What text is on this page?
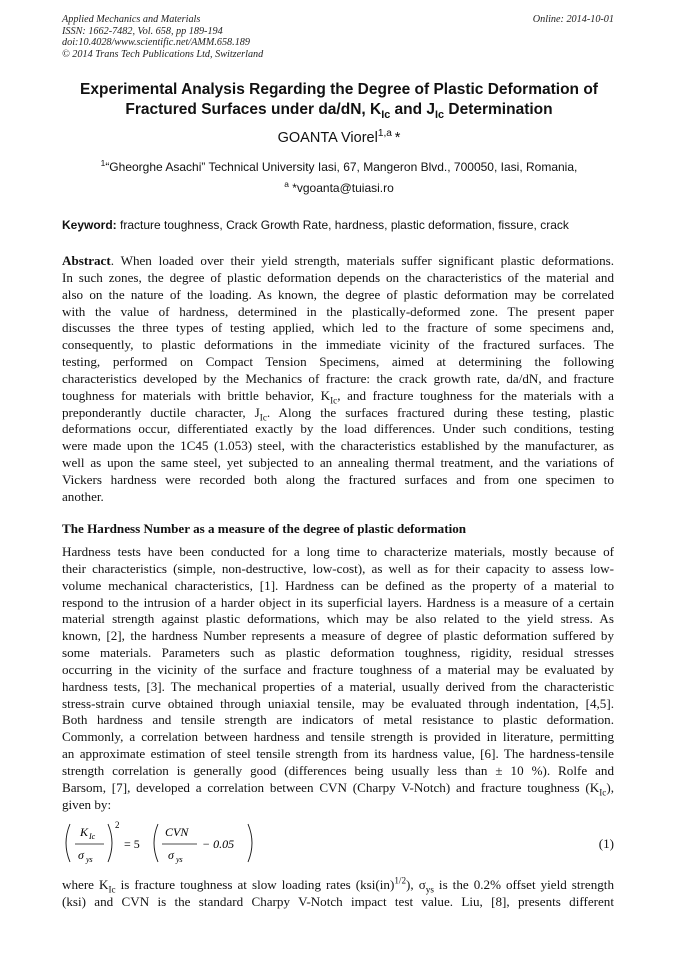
Applied Mechanics and Materials
ISSN: 1662-7482, Vol. 658, pp 189-194
doi:10.4028/www.scientific.net/AMM.658.189
© 2014 Trans Tech Publications Ltd, Switzerland
Online: 2014-10-01
Experimental Analysis Regarding the Degree of Plastic Deformation of
Fractured Surfaces under da/dN, $K_{Ic}$ and $J_{Ic}$ Determination
GOANTA Viorel$^{1,a}$ *
$^1$“Gheorghe Asachi” Technical University Iasi, 67, Mangeron Blvd., 700050, Iasi, Romania,
$^a$ *vgoanta@tuiasi.ro
Keyword: fracture toughness, Crack Growth Rate, hardness, plastic deformation, fissure, crack
Abstract. When loaded over their yield strength, materials suffer significant plastic deformations.
In such zones, the degree of plastic deformation depends on the characteristics of the material and
also on the nature of the loading. As known, the degree of plastic deformation may be correlated
with the value of hardness, determined in the plastically-deformed zone. The present paper
discusses the three types of testing applied, which led to the fracture of some specimens and,
consequently, to plastic deformations in the immediate vicinity of the fractured surfaces. The
testing, performed on Compact Tension Specimens, aimed at determining the following
characteristics developed by the Mechanics of fracture: the crack growth rate, da/dN, and fracture
toughness for materials with brittle behavior, $K_{Ic}$, and fracture toughness for the materials with a
preponderantly ductile character, $J_{Ic}$. Along the surfaces fractured during these testing, plastic
deformations occur, differentiated exactly by the load differences. Under such conditions, testing
were made upon the 1C45 (1.053) steel, with the characteristics established by the manufacturer, as
well as upon the same steel, yet subjected to an annealing thermal treatment, and the variations of
Vickers hardness were recorded both along the fractured surfaces and from one specimen to
another.
The Hardness Number as a measure of the degree of plastic deformation
Hardness tests have been conducted for a long time to characterize materials, mostly because of
their characteristics (simple, non-destructive, low-cost), as well as for their capacity to assess low-
volume mechanical characteristics, [1]. Hardness can be defined as the property of a material to
respond to the intrusion of a harder object in its superficial layers. Hardness is a measure of a certain
material strength against plastic deformations, which may be also related to the yield stress. As
known, [2], the hardness Number represents a measure of degree of plastic deformation suffered by
some materials. Parameters such as plastic deformation toughness, rigidity, residual stresses
occurring in the vicinity of the surface and fracture toughness of a material may be evaluated by
hardness tests, [3]. The mechanical properties of a material, usually derived from the characteristic
stress-strain curve obtained through uniaxial tensile, may be evaluated through indentation, [4,5].
Both hardness and tensile strength are indicators of metal resistance to plastic deformation.
Commonly, a correlation between hardness and tensile strength is provided in literature, permitting
an approximate estimation of steel tensile strength from its hardness value, [6]. The hardness-tensile
strength correlation is generally good (differences being usually less than ± 10 %). Rolfe and
Barsom, [7], developed a correlation between CVN (Charpy V-Notch) and fracture toughness $(K_{Ic})$,
given by:
K Ic
σ ys
2
= 5
CVN
σ ys
− 0.05	(1)
where $K_{Ic}$ is fracture toughness at slow loading rates (ksi(in)$^{1/2}$), $\sigma_{ys}$ is the 0.2% offset yield strength
(ksi) and CVN is the standard Charpy V-Notch impact test value. Liu, [8], presents different
